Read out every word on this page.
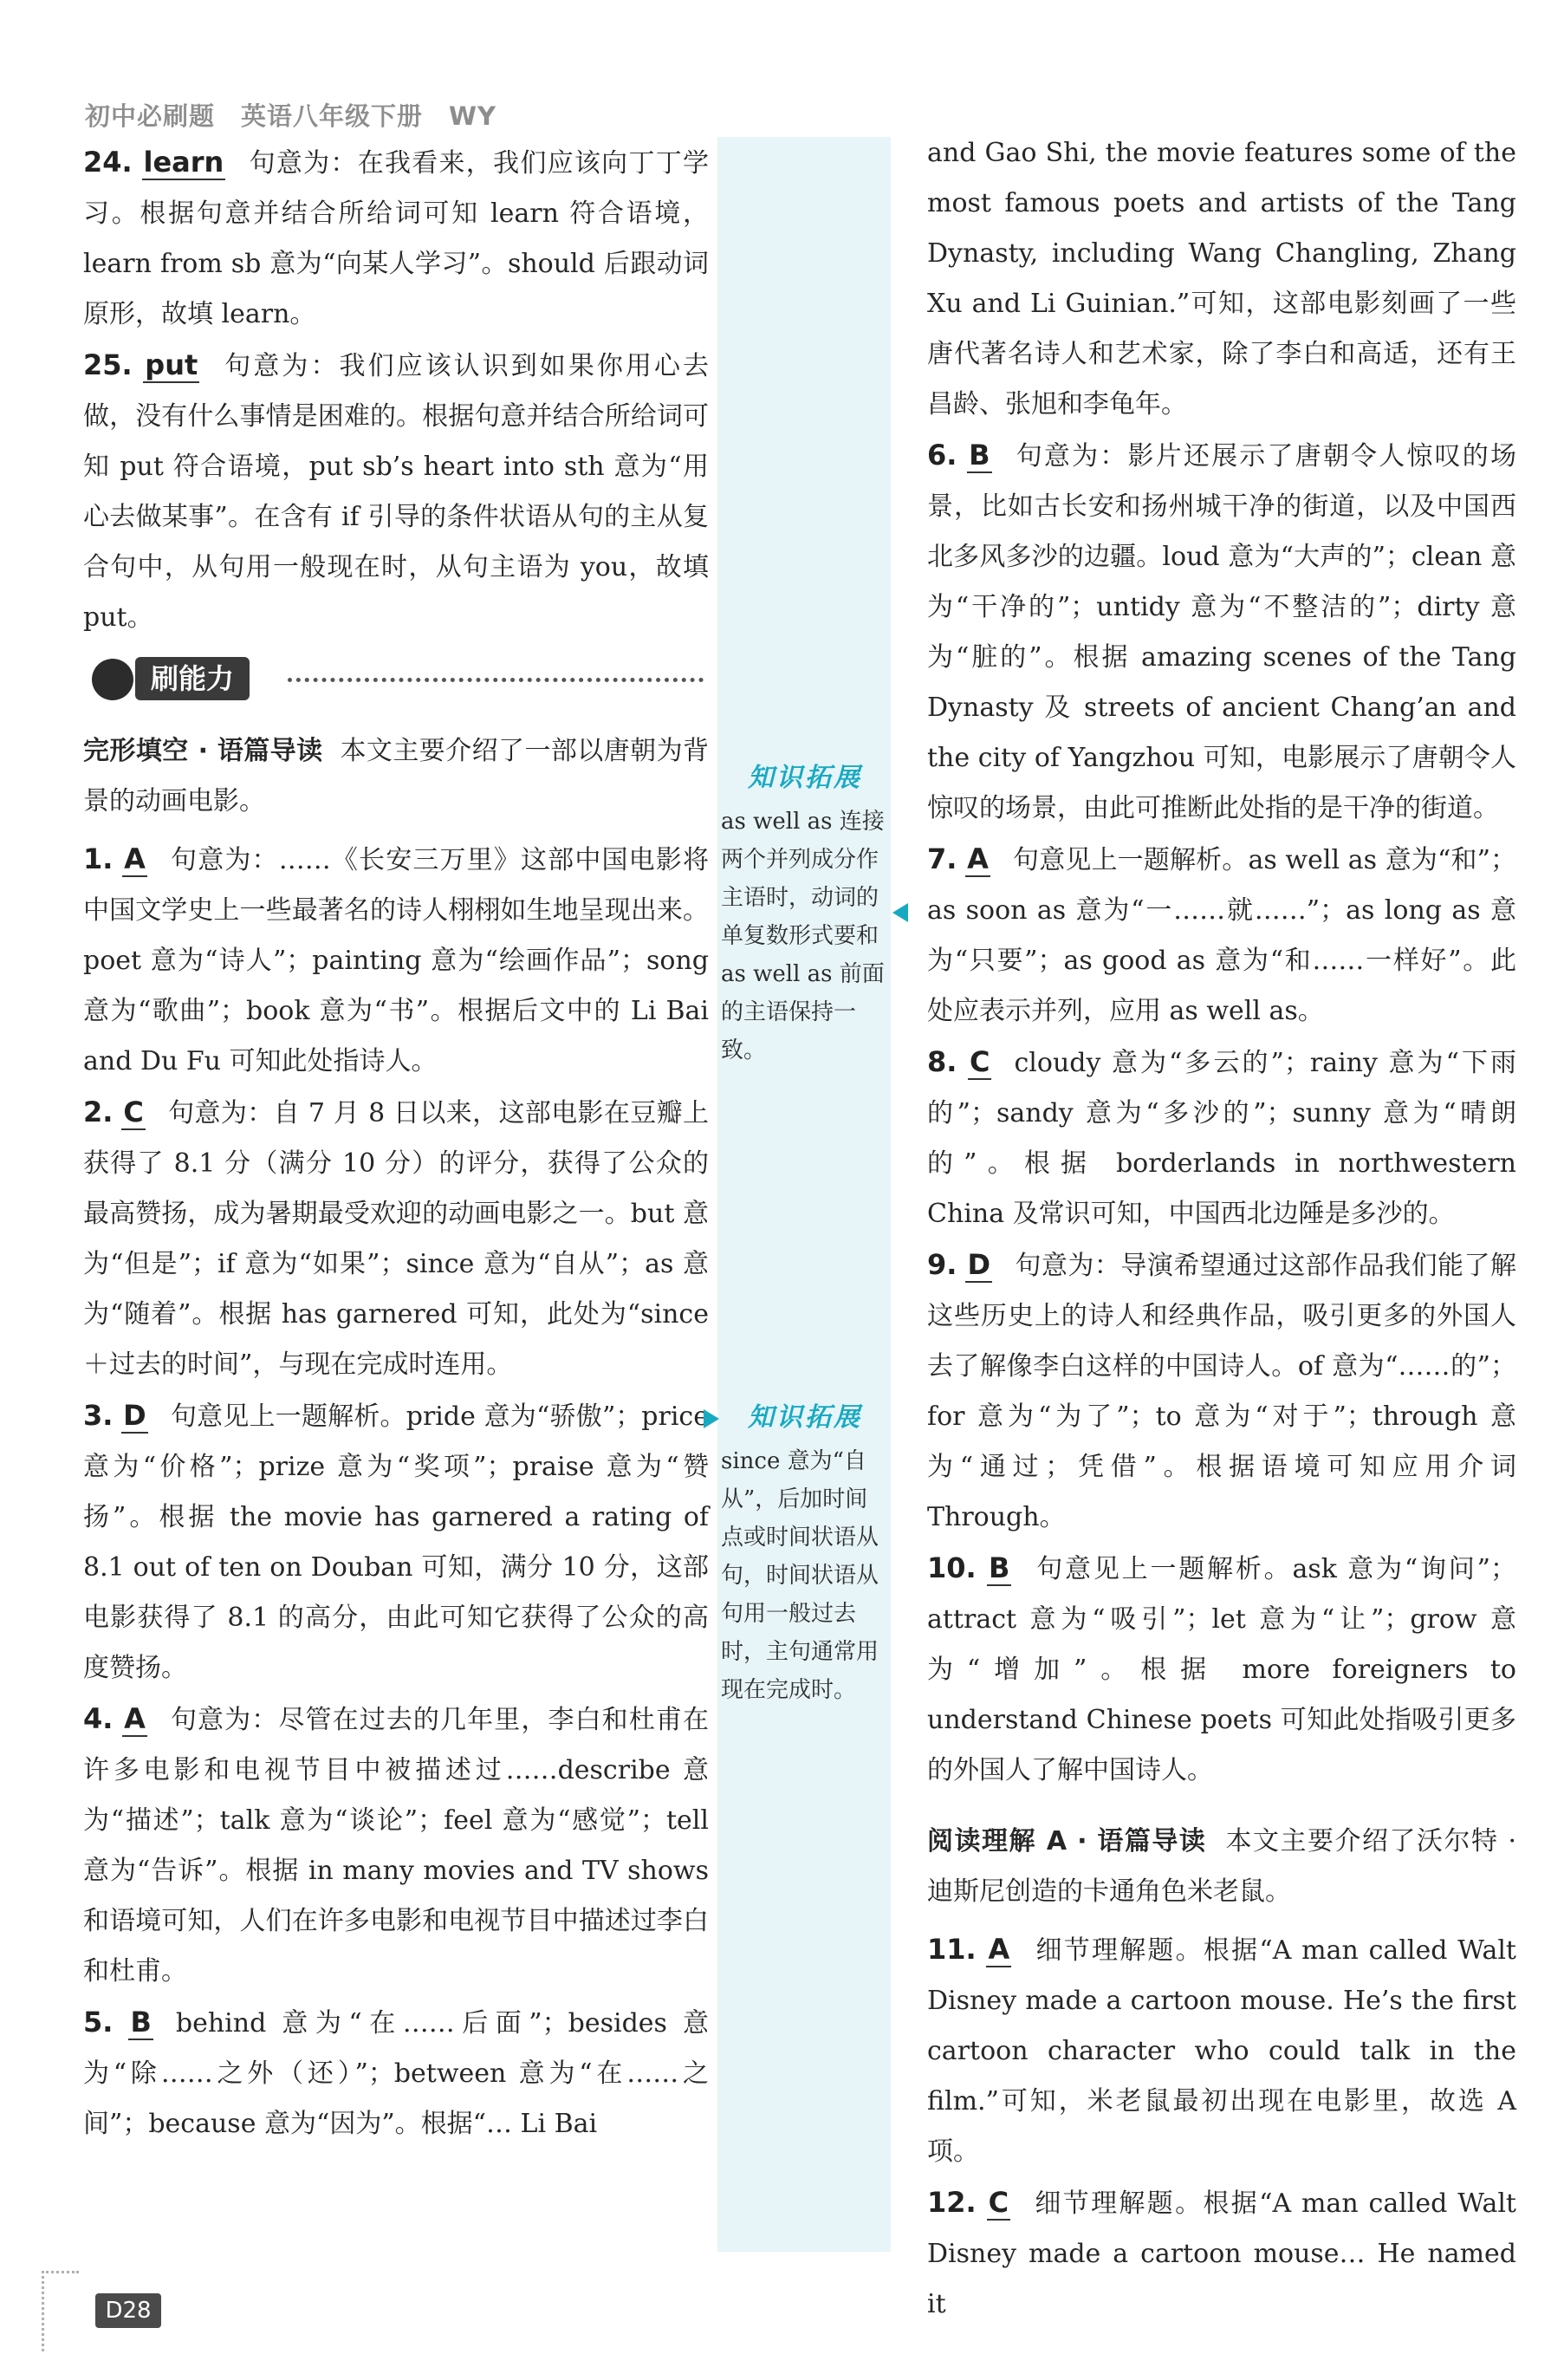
初中必刷题 英语八年级下册 WY

24. learn 句意为：在我看来，我们应该向丁丁学习。根据句意并结合所给词可知 learn 符合语境，learn from sb 意为“向某人学习”。should 后跟动词原形，故填 learn。

25. put 句意为：我们应该认识到如果你用心去做，没有什么事情是困难的。根据句意并结合所给词可知 put 符合语境，put sb’s heart into sth 意为“用心去做某事”。在含有 if 引导的条件状语从句的主从复合句中，从句用一般现在时，从句主语为 you，故填 put。

刷能力
完形填空 · 语篇导读 本文主要介绍了一部以唐朝为背景的动画电影。

1. A 句意为：……《长安三万里》这部中国电影将中国文学史上一些最著名的诗人栩栩如生地呈现出来。poet 意为“诗人”；painting 意为“绘画作品”；song 意为“歌曲”；book 意为“书”。根据后文中的 Li Bai and Du Fu 可知此处指诗人。

2. C 句意为：自 7 月 8 日以来，这部电影在豆瓣上获得了 8.1 分（满分 10 分）的评分，获得了公众的最高赞扬，成为暑期最受欢迎的动画电影之一。but 意为“但是”；if 意为“如果”；since 意为“自从”；as 意为“随着”。根据 has garnered 可知，此处为“since＋过去的时间”，与现在完成时连用。

3. D 句意见上一题解析。pride 意为“骄傲”；price 意为“价格”；prize 意为“奖项”；praise 意为“赞扬”。根据 the movie has garnered a rating of 8.1 out of ten on Douban 可知，满分 10 分，这部电影获得了 8.1 的高分，由此可知它获得了公众的高度赞扬。

4. A 句意为：尽管在过去的几年里，李白和杜甫在许多电影和电视节目中被描述过……describe 意为“描述”；talk 意为“谈论”；feel 意为“感觉”；tell 意为“告诉”。根据 in many movies and TV shows 和语境可知，人们在许多电影和电视节目中描述过李白和杜甫。

5. B behind 意为“在……后面”；besides 意为“除……之外（还）”；between 意为“在……之间”；because 意为“因为”。根据“… Li Bai

知识拓展
as well as 连接两个并列成分作主语时，动词的单复数形式要和 as well as 前面的主语保持一致。
知识拓展
since 意为“自从”，后加时间点或时间状语从句，时间状语从句用一般过去时，主句通常用现在完成时。

and Gao Shi, the movie features some of the most famous poets and artists of the Tang Dynasty, including Wang Changling, Zhang Xu and Li Guinian.”可知，这部电影刻画了一些唐代著名诗人和艺术家，除了李白和高适，还有王昌龄、张旭和李龟年。

6. B 句意为：影片还展示了唐朝令人惊叹的场景，比如古长安和扬州城干净的街道，以及中国西北多风多沙的边疆。loud 意为“大声的”；clean 意为“干净的”；untidy 意为“不整洁的”；dirty 意为“脏的”。根据 amazing scenes of the Tang Dynasty 及 streets of ancient Chang’an and the city of Yangzhou 可知，电影展示了唐朝令人惊叹的场景，由此可推断此处指的是干净的街道。

7. A 句意见上一题解析。as well as 意为“和”；as soon as 意为“一……就……”；as long as 意为“只要”；as good as 意为“和……一样好”。此处应表示并列，应用 as well as。

8. C cloudy 意为“多云的”；rainy 意为“下雨的”；sandy 意为“多沙的”；sunny 意为“晴朗的”。根据 borderlands in northwestern China 及常识可知，中国西北边陲是多沙的。

9. D 句意为：导演希望通过这部作品我们能了解这些历史上的诗人和经典作品，吸引更多的外国人去了解像李白这样的中国诗人。of 意为“……的”；for 意为“为了”；to 意为“对于”；through 意为“通过；凭借”。根据语境可知应用介词 Through。

10. B 句意见上一题解析。ask 意为“询问”；attract 意为“吸引”；let 意为“让”；grow 意为“增加”。根据 more foreigners to understand Chinese poets 可知此处指吸引更多的外国人了解中国诗人。

阅读理解 A · 语篇导读 本文主要介绍了沃尔特 · 迪斯尼创造的卡通角色米老鼠。

11. A 细节理解题。根据“A man called Walt Disney made a cartoon mouse. He’s the first cartoon character who could talk in the film.”可知，米老鼠最初出现在电影里，故选 A 项。

12. C 细节理解题。根据“A man called Walt Disney made a cartoon mouse… He named it

D28
